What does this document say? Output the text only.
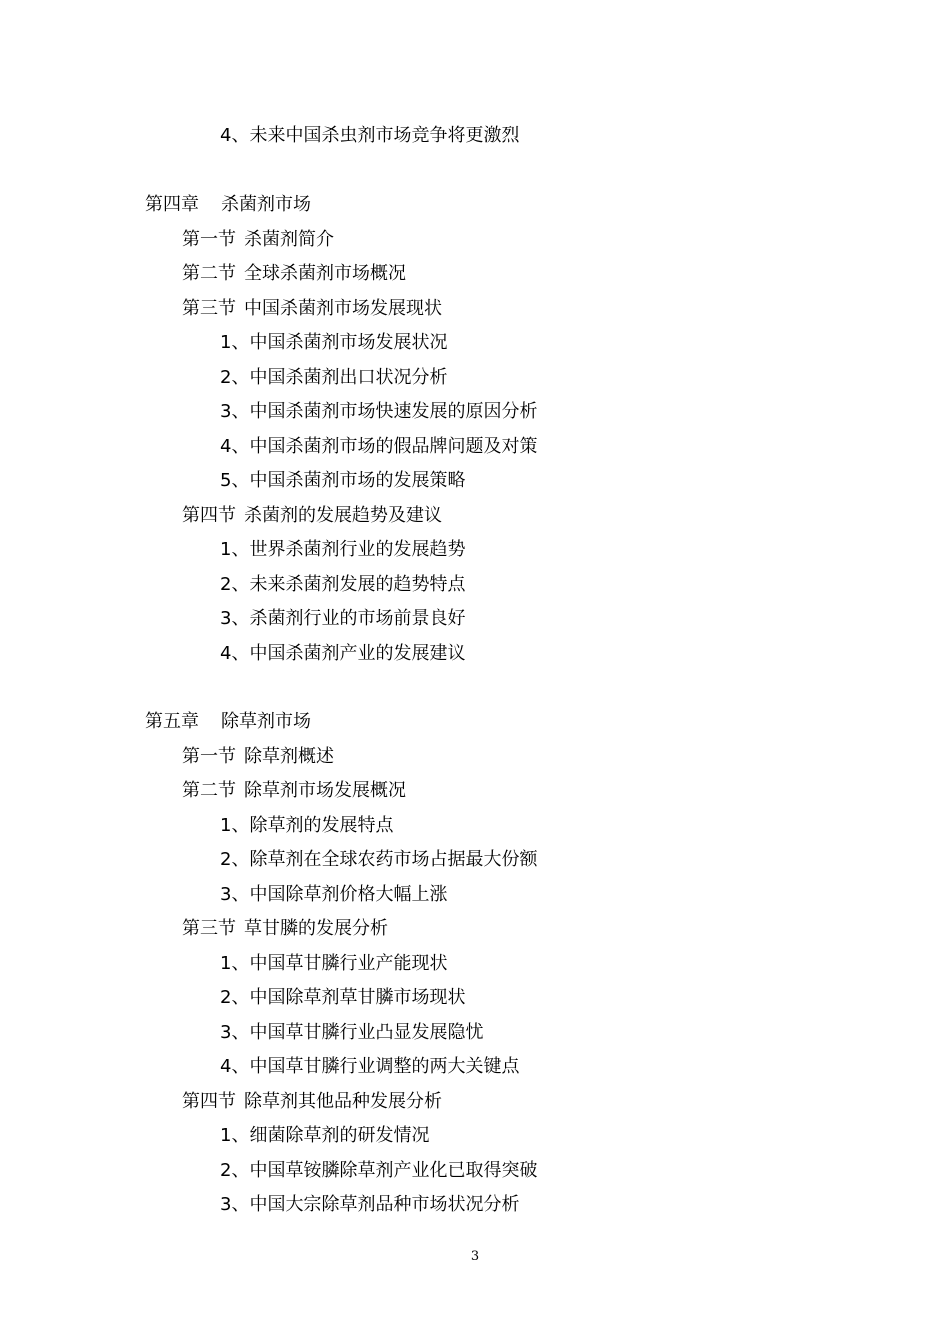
4、未来中国杀虫剂市场竞争将更激烈
第四章 杀菌剂市场
第一节 杀菌剂简介
第二节 全球杀菌剂市场概况
第三节 中国杀菌剂市场发展现状
1、中国杀菌剂市场发展状况
2、中国杀菌剂出口状况分析
3、中国杀菌剂市场快速发展的原因分析
4、中国杀菌剂市场的假品牌问题及对策
5、中国杀菌剂市场的发展策略
第四节 杀菌剂的发展趋势及建议
1、世界杀菌剂行业的发展趋势
2、未来杀菌剂发展的趋势特点
3、杀菌剂行业的市场前景良好
4、中国杀菌剂产业的发展建议
第五章 除草剂市场
第一节 除草剂概述
第二节 除草剂市场发展概况
1、除草剂的发展特点
2、除草剂在全球农药市场占据最大份额
3、中国除草剂价格大幅上涨
第三节 草甘膦的发展分析
1、中国草甘膦行业产能现状
2、中国除草剂草甘膦市场现状
3、中国草甘膦行业凸显发展隐忧
4、中国草甘膦行业调整的两大关键点
第四节 除草剂其他品种发展分析
1、细菌除草剂的研发情况
2、中国草铵膦除草剂产业化已取得突破
3、中国大宗除草剂品种市场状况分析
3
